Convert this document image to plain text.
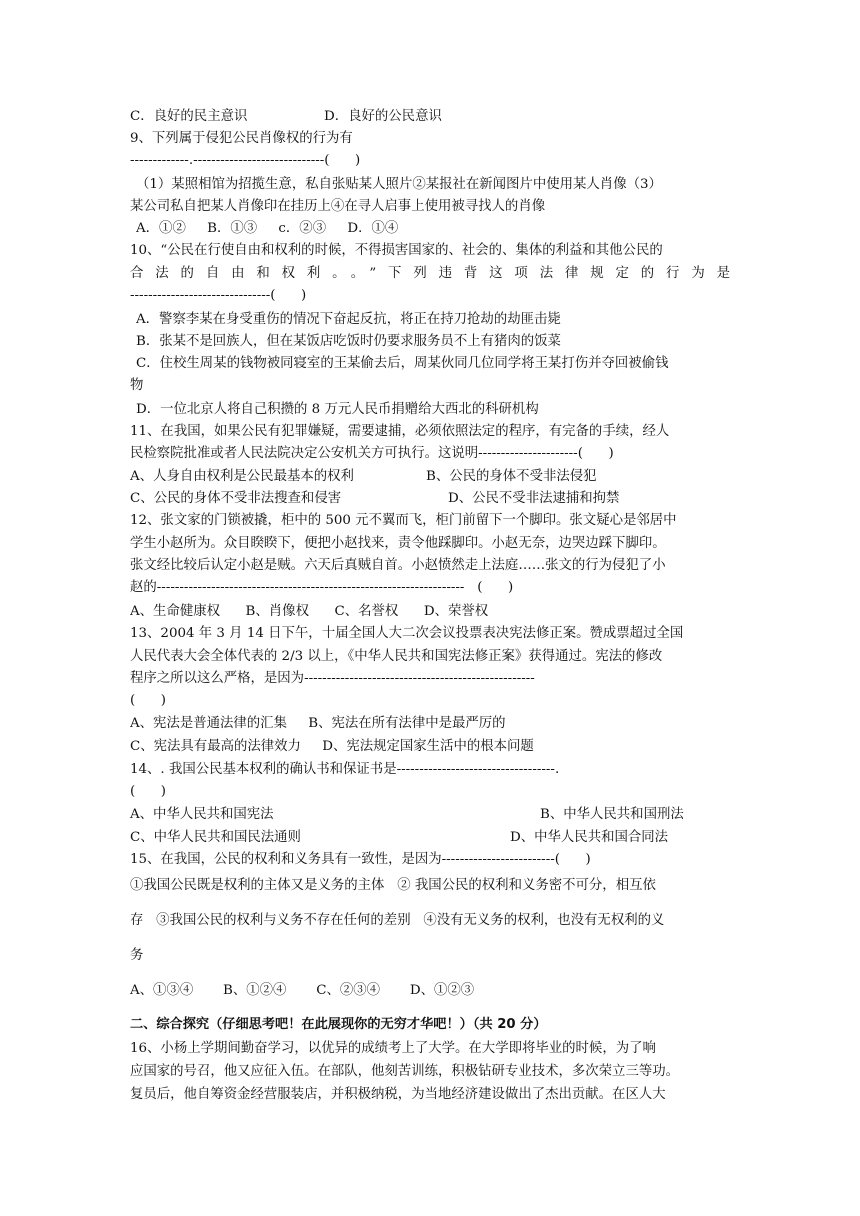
C．良好的民主意识                  D．良好的公民意识
9、下列属于侵犯公民肖像权的行为有
-------------.-----------------------------(      )
（1）某照相馆为招揽生意，私自张贴某人照片②某报社在新闻图片中使用某人肖像（3）
某公司私自把某人肖像印在挂历上④在寻人启事上使用被寻找人的肖像
A．①②     B．①③     c．②③     D．①④
10、“公民在行使自由和权利的时候，不得损害国家的、社会的、集体的利益和其他公民的
合法的自由和权利。。”下列违背这项法律规定的行为是
-------------------------------(      )
A．警察李某在身受重伤的情况下奋起反抗，将正在持刀抢劫的劫匪击毙
B．张某不是回族人，但在某饭店吃饭时仍要求服务员不上有猪肉的饭菜
C．住校生周某的钱物被同寝室的王某偷去后，周某伙同几位同学将王某打伤并夺回被偷钱
物
D．一位北京人将自己积攒的 8 万元人民币捐赠给大西北的科研机构
11、在我国，如果公民有犯罪嫌疑，需要逮捕，必须依照法定的程序，有完备的手续，经人
民检察院批准或者人民法院决定公安机关方可执行。这说明----------------------(      )
A、人身自由权利是公民最基本的权利	B、公民的身体不受非法侵犯
C、公民的身体不受非法搜查和侵害	D、公民不受非法逮捕和拘禁
12、张文家的门锁被撬，柜中的 500 元不翼而飞，柜门前留下一个脚印。张文疑心是邻居中
学生小赵所为。众目睽睽下，便把小赵找来，责令他踩脚印。小赵无奈，边哭边踩下脚印。
张文经比较后认定小赵是贼。六天后真贼自首。小赵愤然走上法庭……张文的行为侵犯了小
赵的--------------------------------------------------------------------   (      )
A、生命健康权      B、肖像权      C、名誉权      D、荣誉权
13、2004 年 3 月 14 日下午，十届全国人大二次会议投票表决宪法修正案。赞成票超过全国
人民代表大会全体代表的 2/3 以上，《中华人民共和国宪法修正案》获得通过。宪法的修改
程序之所以这么严格，是因为---------------------------------------------------
(      )
A、宪法是普通法律的汇集     B、宪法在所有法律中是最严厉的
C、宪法具有最高的法律效力     D、宪法规定国家生活中的根本问题
14、. 我国公民基本权利的确认书和保证书是-----------------------------------.
(      )
A、中华人民共和国宪法	B、中华人民共和国刑法
C、中华人民共和国民法通则	D、中华人民共和国合同法
15、在我国，公民的权利和义务具有一致性，是因为-------------------------(      )
①我国公民既是权利的主体又是义务的主体   ② 我国公民的权利和义务密不可分，相互依
存   ③我国公民的权利与义务不存在任何的差别   ④没有无义务的权利，也没有无权利的义
务
A、①③④       B、①②④       C、②③④       D、①②③
二、综合探究（仔细思考吧！在此展现你的无穷才华吧！）（共 20 分）
16、小杨上学期间勤奋学习，以优异的成绩考上了大学。在大学即将毕业的时候，为了响
应国家的号召，他又应征入伍。在部队，他刻苦训练，积极钻研专业技术，多次荣立三等功。
复员后，他自筹资金经营服装店，并积极纳税，为当地经济建设做出了杰出贡献。在区人大
